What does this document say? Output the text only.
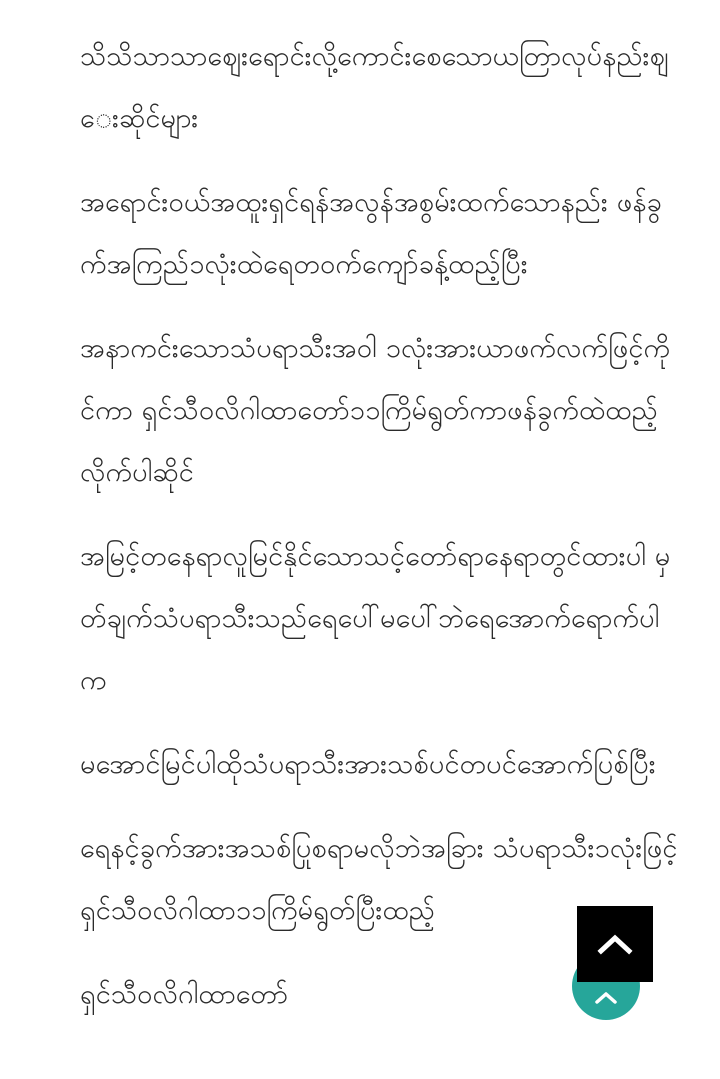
သိသိသာသာဈေးရောင်းလို့ကောင်းစေသောယတြာလုပ်နည်းဈေးဆိုင်များ

အရောင်းဝယ်အထူးရှင်ရန်အလွန်အစွမ်းထက်သောနည်း ဖန်ခွက်အကြည်၁လုံးထဲရေတဝက်ကျော်ခန့်ထည့်ပြီး

အနာကင်းသောသံပရာသီးအဝါ ၁လုံးအားယာဖက်လက်ဖြင့်ကိုင်ကာ ရှင်သီဝလိဂါထာတော်၁၁ကြိမ်ရွတ်ကာဖန်ခွက်ထဲထည့်လိုက်ပါဆိုင်

အမြင့်တနေရာလူမြင်နိုင်သောသင့်တော်ရာနေရာတွင်ထားပါ မှတ်ချက်သံပရာသီးသည်ရေပေါ်မပေါ်ဘဲရေအောက်ရောက်ပါက

မအောင်မြင်ပါထိုသံပရာသီးအားသစ်ပင်တပင်အောက်ပြစ်ပြီး

ရေနင့်ခွက်အားအသစ်ပြုစရာမလိုဘဲအခြား သံပရာသီး၁လုံးဖြင့်ရှင်သီဝလိဂါထာ၁၁ကြိမ်ရွတ်ပြီးထည့်

ရှင်သီဝလိဂါထာတော်
